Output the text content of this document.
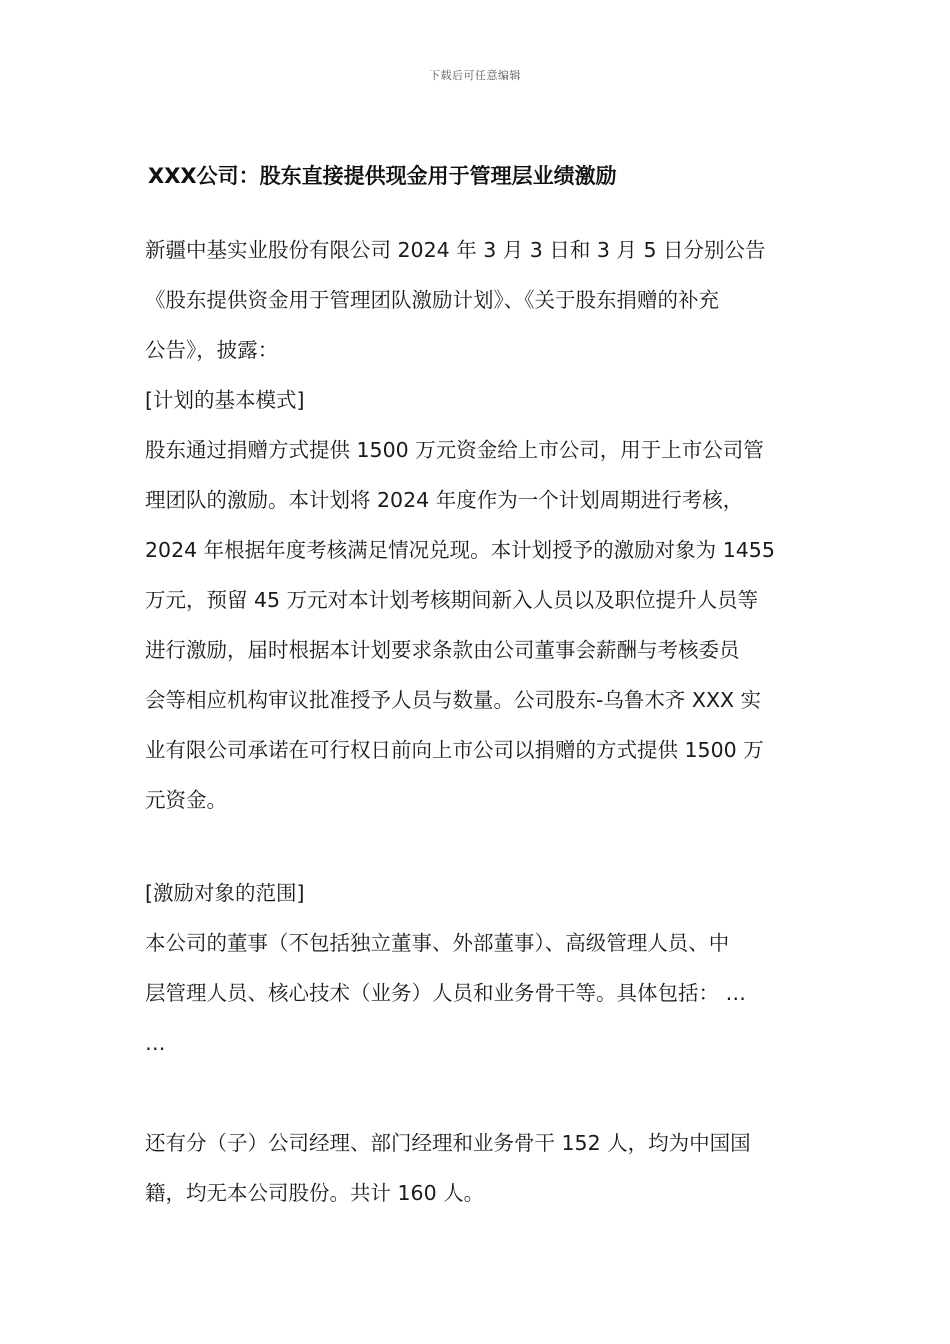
下载后可任意编辑
XXX公司：股东直接提供现金用于管理层业绩激励
新疆中基实业股份有限公司 2024 年 3 月 3 日和 3 月 5 日分别公告
《股东提供资金用于管理团队激励计划》、《关于股东捐赠的补充
公告》，披露：
[计划的基本模式]
股东通过捐赠方式提供 1500 万元资金给上市公司，用于上市公司管
理团队的激励。本计划将 2024 年度作为一个计划周期进行考核，
2024 年根据年度考核满足情况兑现。本计划授予的激励对象为 1455
万元，预留 45 万元对本计划考核期间新入人员以及职位提升人员等
进行激励，届时根据本计划要求条款由公司董事会薪酬与考核委员
会等相应机构审议批准授予人员与数量。公司股东-乌鲁木齐 XXX 实
业有限公司承诺在可行权日前向上市公司以捐赠的方式提供 1500 万
元资金。
[激励对象的范围]
本公司的董事（不包括独立董事、外部董事）、高级管理人员、中
层管理人员、核心技术（业务）人员和业务骨干等。具体包括： …
…
还有分（子）公司经理、部门经理和业务骨干 152 人，均为中国国
籍，均无本公司股份。共计 160 人。
